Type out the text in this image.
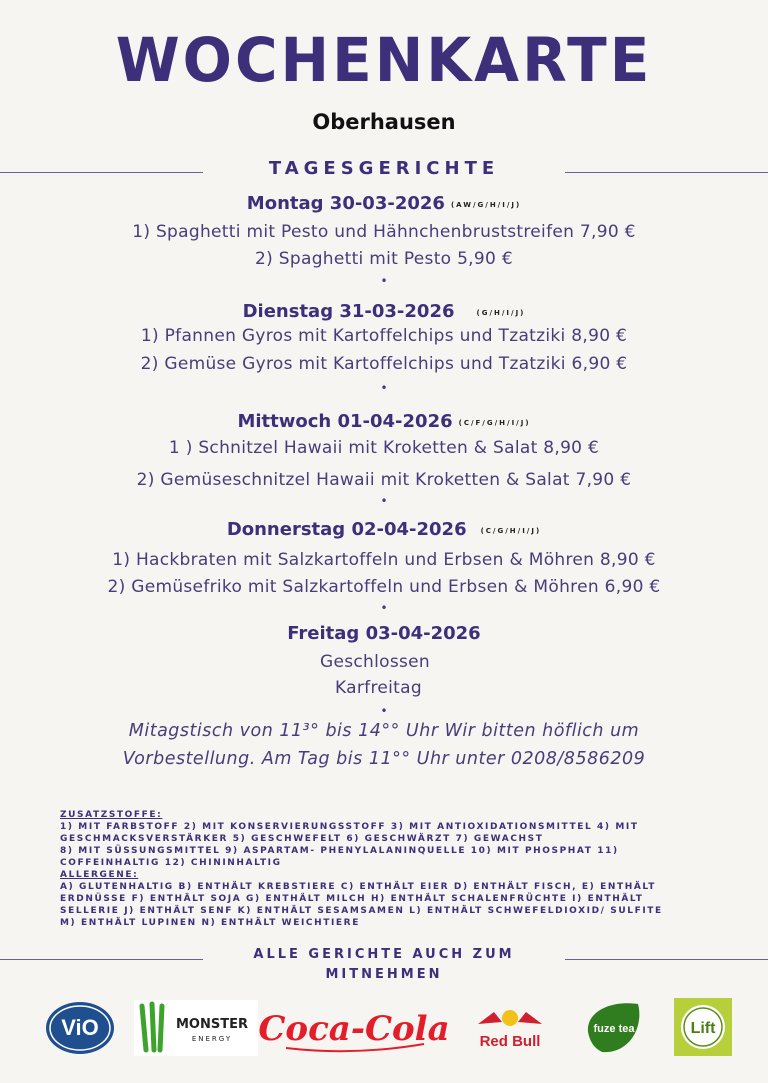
WOCHENKARTE
Oberhausen
TAGESGERICHTE
Montag 30-03-2026 (AW/G/H/I/J)
1) Spaghetti mit Pesto und Hähnchenbruststreifen 7,90 €
2) Spaghetti mit Pesto 5,90 €
•
Dienstag 31-03-2026	(G/H/I/J)
1) Pfannen Gyros mit Kartoffelchips und Tzatziki 8,90 €
2) Gemüse Gyros mit Kartoffelchips und Tzatziki 6,90 €
•
Mittwoch 01-04-2026 (C/F/G/H/I/J)
1 ) Schnitzel Hawaii mit Kroketten & Salat 8,90 €
2) Gemüseschnitzel Hawaii mit Kroketten & Salat 7,90 €
•
Donnerstag 02-04-2026 (C/G/H/I/J)
1) Hackbraten mit Salzkartoffeln und Erbsen & Möhren 8,90 €
2) Gemüsefriko mit Salzkartoffeln und Erbsen & Möhren 6,90 €
•
Freitag 03-04-2026
Geschlossen
Karfreitag
•
Mitagstisch von 11³° bis 14°° Uhr Wir bitten höflich um
Vorbestellung. Am Tag bis 11°° Uhr unter 0208/8586209
ZUSATZSTOFFE:
1) MIT FARBSTOFF 2) MIT KONSERVIERUNGSSTOFF 3) MIT ANTIOXIDATIONSMITTEL 4) MIT
GESCHMACKSVERSTÄRKER 5) GESCHWEFELT 6) GESCHWÄRZT 7) GEWACHST
8) MIT SÜSSUNGSMITTEL 9) ASPARTAM- PHENYLALANINQUELLE 10) MIT PHOSPHAT 11)
COFFEINHALTIG 12) CHININHALTIG
ALLERGENE:
A) GLUTENHALTIG B) ENTHÄLT KREBSTIERE C) ENTHÄLT EIER D) ENTHÄLT FISCH, E) ENTHÄLT
ERDNÜSSE F) ENTHÄLT SOJA G) ENTHÄLT MILCH H) ENTHÄLT SCHALENFRÜCHTE I) ENTHÄLT
SELLERIE J) ENTHÄLT SENF K) ENTHÄLT SESAMSAMEN L) ENTHÄLT SCHWEFELDIOXID/ SULFITE
M) ENTHÄLT LUPINEN N) ENTHÄLT WEICHTIERE
ALLE GERICHTE AUCH ZUM
MITNEHMEN
ViO	MONSTER
ENERGY Coca-Cola Red Bull
fuze tea	Lift
